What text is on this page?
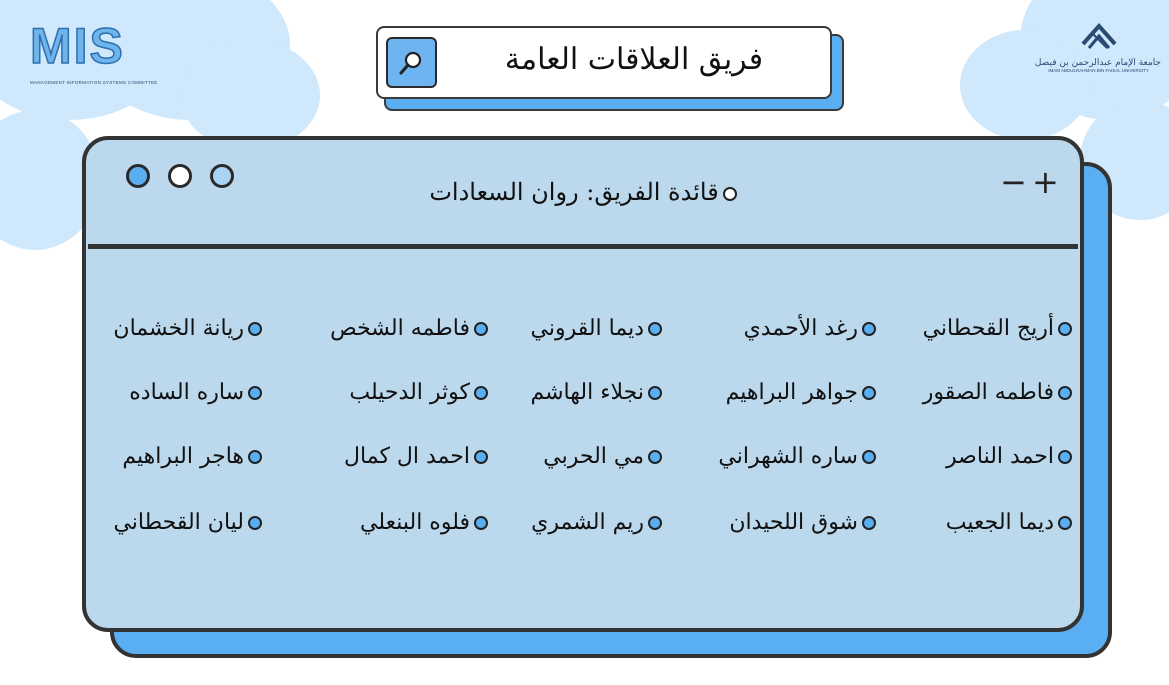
MIS
MANAGEMENT INFORMATION SYSTEMS COMMITTEE
جامعة الإمام عبدالرحمن بن فيصل
IMAM ABDULRAHMAN BIN FAISAL UNIVERSITY
فريق العلاقات العامة
− +
قائدة الفريق: روان السعادات
أريج القحطاني
رغد الأحمدي
ديما القروني
فاطمه الشخص
ريانة الخشمان
فاطمه الصقور
جواهر البراهيم
نجلاء الهاشم
كوثر الدحيلب
ساره الساده
احمد الناصر
ساره الشهراني
مي الحربي
احمد ال كمال
هاجر البراهيم
ديما الجعيب
شوق اللحيدان
ريم الشمري
فلوه البنعلي
ليان القحطاني
